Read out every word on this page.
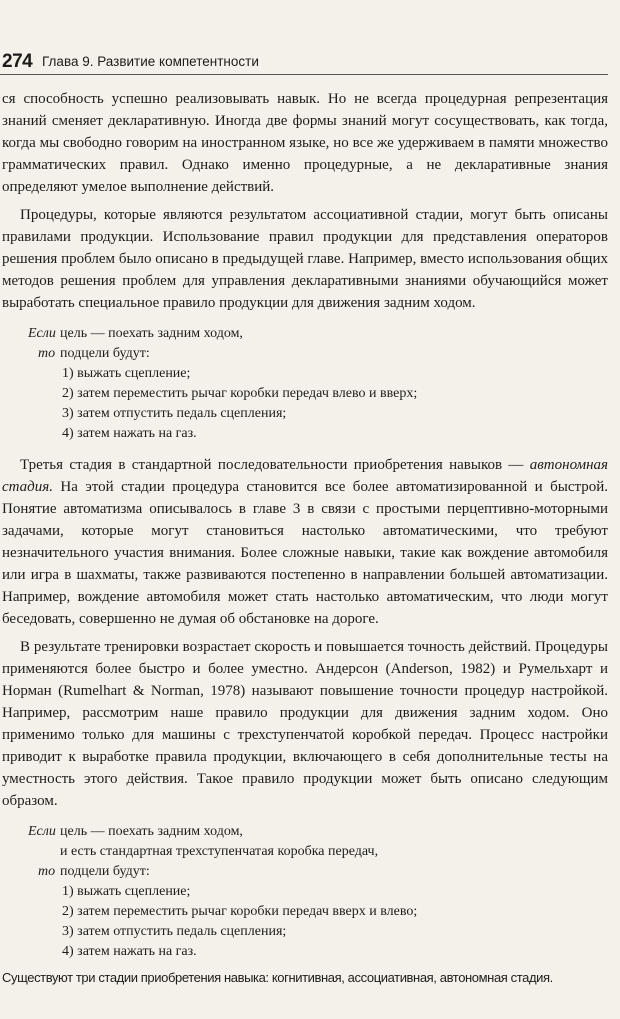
274 Глава 9. Развитие компетентности

ся способность успешно реализовывать навык. Но не всегда процедурная репрезентация знаний сменяет декларативную. Иногда две формы знаний могут сосуществовать, как тогда, когда мы свободно говорим на иностранном языке, но все же удерживаем в памяти множество грамматических правил. Однако именно процедурные, а не декларативные знания определяют умелое выполнение действий.

Процедуры, которые являются результатом ассоциативной стадии, могут быть описаны правилами продукции. Использование правил продукции для представления операторов решения проблем было описано в предыдущей главе. Например, вместо использования общих методов решения проблем для управления декларативными знаниями обучающийся может выработать специальное правило продукции для движения задним ходом.

Если цель — поехать задним ходом,
то подцели будут:
1) выжать сцепление;
2) затем переместить рычаг коробки передач влево и вверх;
3) затем отпустить педаль сцепления;
4) затем нажать на газ.

Третья стадия в стандартной последовательности приобретения навыков — автономная стадия. На этой стадии процедура становится все более автоматизированной и быстрой. Понятие автоматизма описывалось в главе 3 в связи с простыми перцептивно-моторными задачами, которые могут становиться настолько автоматическими, что требуют незначительного участия внимания. Более сложные навыки, такие как вождение автомобиля или игра в шахматы, также развиваются постепенно в направлении большей автоматизации. Например, вождение автомобиля может стать настолько автоматическим, что люди могут беседовать, совершенно не думая об обстановке на дороге.

В результате тренировки возрастает скорость и повышается точность действий. Процедуры применяются более быстро и более уместно. Андерсон (Anderson, 1982) и Румельхарт и Норман (Rumelhart & Norman, 1978) называют повышение точности процедур настройкой. Например, рассмотрим наше правило продукции для движения задним ходом. Оно применимо только для машины с трехступенчатой коробкой передач. Процесс настройки приводит к выработке правила продукции, включающего в себя дополнительные тесты на уместность этого действия. Такое правило продукции может быть описано следующим образом.

Если цель — поехать задним ходом,
и есть стандартная трехступенчатая коробка передач,
то подцели будут:
1) выжать сцепление;
2) затем переместить рычаг коробки передач вверх и влево;
3) затем отпустить педаль сцепления;
4) затем нажать на газ.
Существуют три стадии приобретения навыка: когнитивная, ассоциативная, автономная стадия.
